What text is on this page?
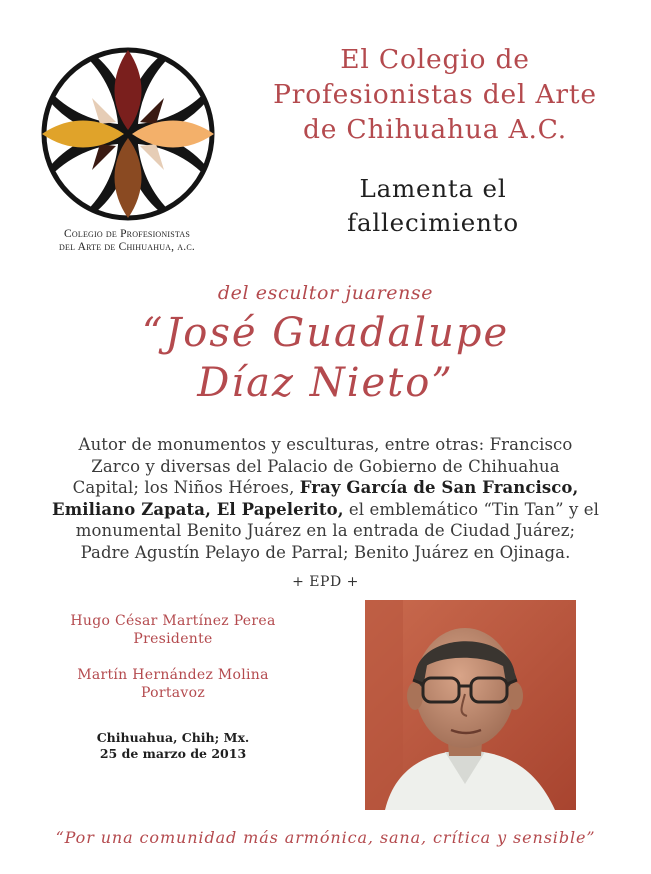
Colegio de Profesionistas
del Arte de Chihuahua, a.c.
El Colegio de
Profesionistas del Arte
de Chihuahua A.C.
Lamenta el
fallecimiento
del escultor juarense
“José Guadalupe
Díaz Nieto”
Autor de monumentos y esculturas, entre otras: Francisco
Zarco y diversas del Palacio de Gobierno de Chihuahua
Capital; los Niños Héroes, Fray García de San Francisco,
Emiliano Zapata, El Papelerito, el emblemático “Tin Tan” y el
monumental Benito Juárez en la entrada de Ciudad Juárez;
Padre Agustín Pelayo de Parral; Benito Juárez en Ojinaga.
+ EPD +
Hugo César Martínez Perea
Presidente
Martín Hernández Molina
Portavoz
Chihuahua, Chih; Mx.
25 de marzo de 2013
“Por una comunidad más armónica, sana, crítica y sensible”
